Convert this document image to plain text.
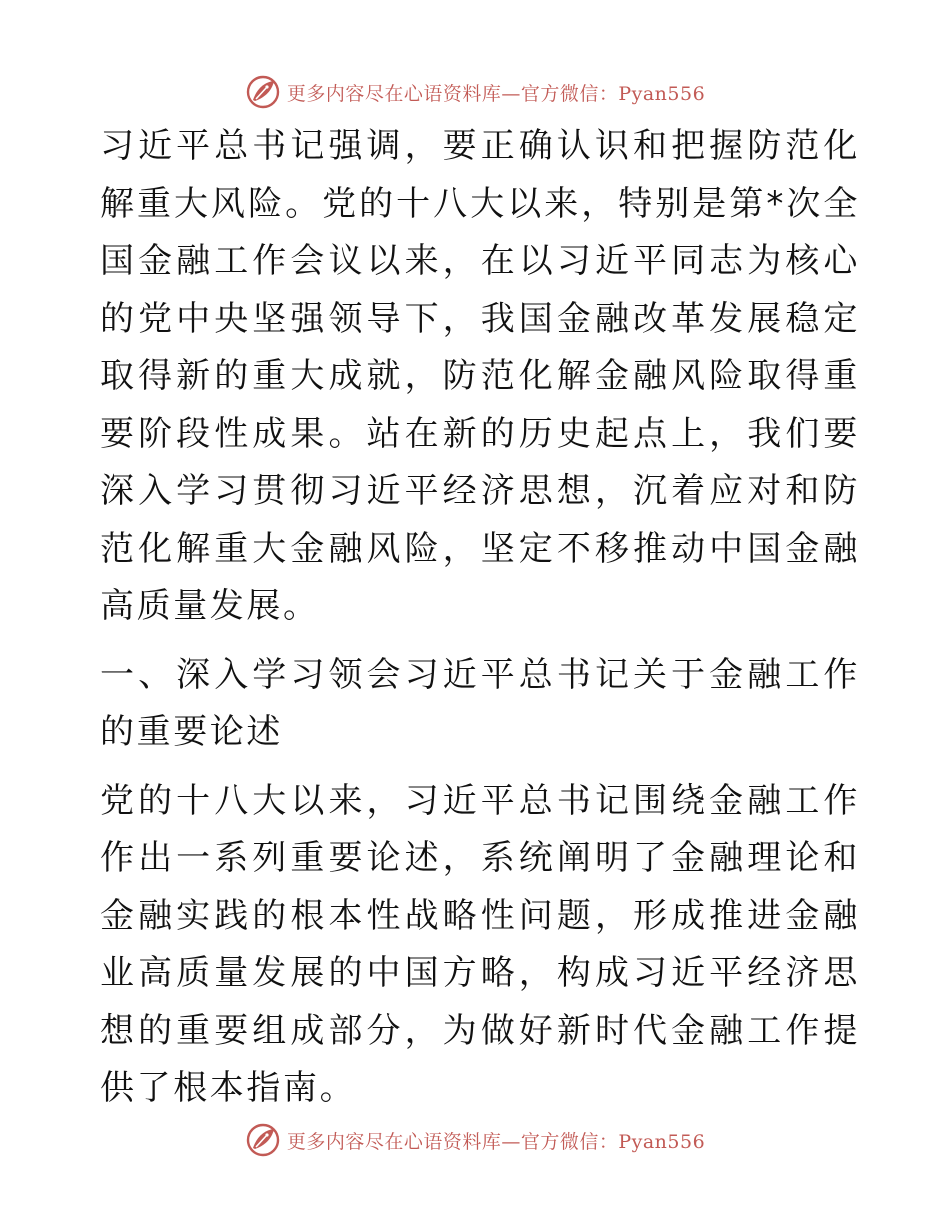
更多内容尽在心语资料库—官方微信：Pyan556

习近平总书记强调，要正确认识和把握防范化解重大风险。党的十八大以来，特别是第*次全国金融工作会议以来，在以习近平同志为核心的党中央坚强领导下，我国金融改革发展稳定取得新的重大成就，防范化解金融风险取得重要阶段性成果。站在新的历史起点上，我们要深入学习贯彻习近平经济思想，沉着应对和防范化解重大金融风险，坚定不移推动中国金融高质量发展。

一、深入学习领会习近平总书记关于金融工作的重要论述

党的十八大以来，习近平总书记围绕金融工作作出一系列重要论述，系统阐明了金融理论和金融实践的根本性战略性问题，形成推进金融业高质量发展的中国方略，构成习近平经济思想的重要组成部分，为做好新时代金融工作提供了根本指南。

更多内容尽在心语资料库—官方微信：Pyan556
